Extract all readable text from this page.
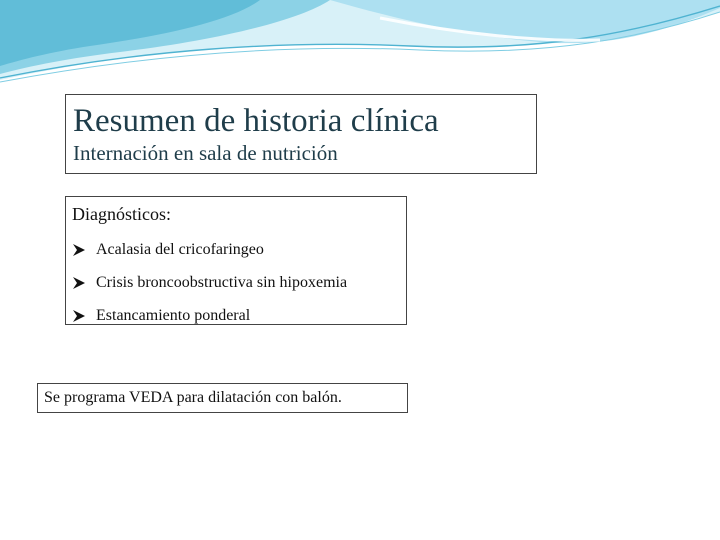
Resumen de historia clínica
Internación en sala de nutrición
Diagnósticos:
Acalasia del cricofaringeo
Crisis broncoobstructiva sin hipoxemia
Estancamiento ponderal
Se programa VEDA para dilatación con balón.
